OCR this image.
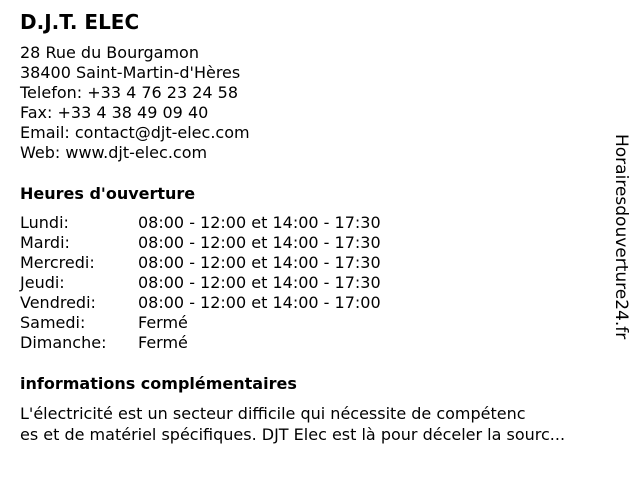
D.J.T. ELEC
28 Rue du Bourgamon
38400 Saint-Martin-d'Hères
Telefon: +33 4 76 23 24 58
Fax: +33 4 38 49 09 40
Email: contact@djt-elec.com
Web: www.djt-elec.com
Heures d'ouverture
Lundi:	08:00 - 12:00 et 14:00 - 17:30
Mardi:	08:00 - 12:00 et 14:00 - 17:30
Mercredi:	08:00 - 12:00 et 14:00 - 17:30
Jeudi:	08:00 - 12:00 et 14:00 - 17:30
Vendredi:	08:00 - 12:00 et 14:00 - 17:00
Samedi:	Fermé
Dimanche: Fermé
informations complémentaires
L'électricité est un secteur difficile qui nécessite de compétenc
es et de matériel spécifiques. DJT Elec est là pour déceler la sourc...
Horairesdouverture24.fr
